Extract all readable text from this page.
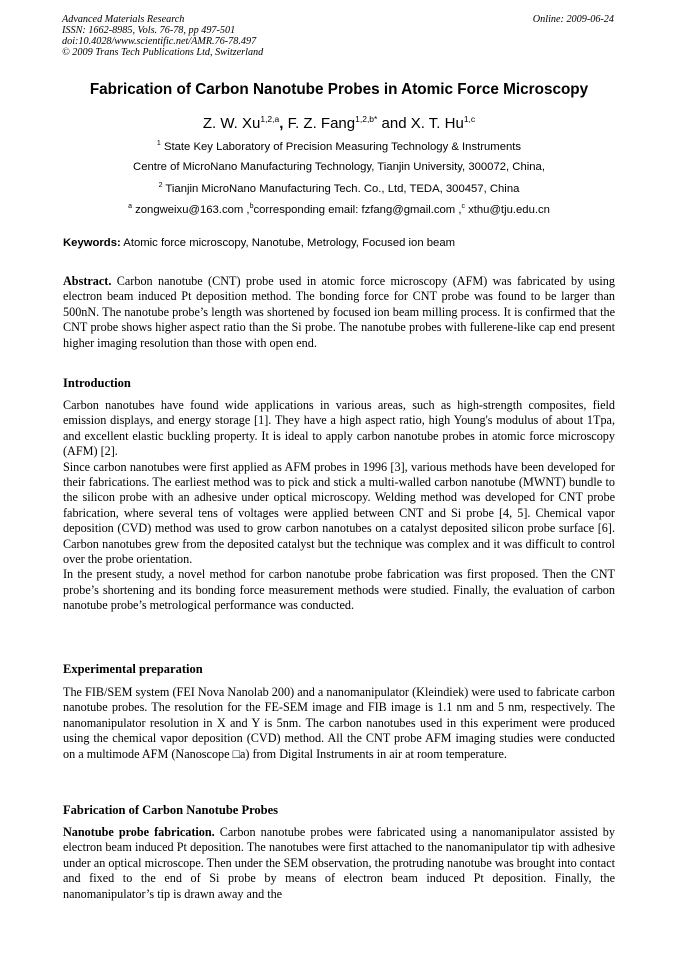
Advanced Materials Research
ISSN: 1662-8985, Vols. 76-78, pp 497-501
doi:10.4028/www.scientific.net/AMR.76-78.497
© 2009 Trans Tech Publications Ltd, Switzerland
Online: 2009-06-24
Fabrication of Carbon Nanotube Probes in Atomic Force Microscopy
Z. W. Xu$^{1,2,a}$, F. Z. Fang$^{1,2,b*}$ and X. T. Hu$^{1,c}$
$^1$ State Key Laboratory of Precision Measuring Technology & Instruments
Centre of MicroNano Manufacturing Technology, Tianjin University, 300072, China,
$^2$ Tianjin MicroNano Manufacturing Tech. Co., Ltd, TEDA, 300457, China
$^a$ zongweixu@163.com ,$^b$corresponding email: fzfang@gmail.com ,$^c$ xthu@tju.edu.cn
Keywords: Atomic force microscopy, Nanotube, Metrology, Focused ion beam
Abstract. Carbon nanotube (CNT) probe used in atomic force microscopy (AFM) was fabricated by using electron beam induced Pt deposition method. The bonding force for CNT probe was found to be larger than 500nN. The nanotube probe’s length was shortened by focused ion beam milling process. It is confirmed that the CNT probe shows higher aspect ratio than the Si probe. The nanotube probes with fullerene-like cap end present higher imaging resolution than those with open end.
Introduction

Carbon nanotubes have found wide applications in various areas, such as high-strength composites, field emission displays, and energy storage [1]. They have a high aspect ratio, high Young's modulus of about 1Tpa, and excellent elastic buckling property. It is ideal to apply carbon nanotube probes in atomic force microscopy (AFM) [2].

Since carbon nanotubes were first applied as AFM probes in 1996 [3], various methods have been developed for their fabrications. The earliest method was to pick and stick a multi-walled carbon nanotube (MWNT) bundle to the silicon probe with an adhesive under optical microscopy. Welding method was developed for CNT probe fabrication, where several tens of voltages were applied between CNT and Si probe [4, 5]. Chemical vapor deposition (CVD) method was used to grow carbon nanotubes on a catalyst deposited silicon probe surface [6]. Carbon nanotubes grew from the deposited catalyst but the technique was complex and it was difficult to control over the probe orientation.

In the present study, a novel method for carbon nanotube probe fabrication was first proposed. Then the CNT probe’s shortening and its bonding force measurement methods were studied. Finally, the evaluation of carbon nanotube probe’s metrological performance was conducted.

Experimental preparation

The FIB/SEM system (FEI Nova Nanolab 200) and a nanomanipulator (Kleindiek) were used to fabricate carbon nanotube probes. The resolution for the FE-SEM image and FIB image is 1.1 nm and 5 nm, respectively. The nanomanipulator resolution in X and Y is 5nm. The carbon nanotubes used in this experiment were produced using the chemical vapor deposition (CVD) method. All the CNT probe AFM imaging studies were conducted on a multimode AFM (Nanoscope □a) from Digital Instruments in air at room temperature.

Fabrication of Carbon Nanotube Probes

Nanotube probe fabrication. Carbon nanotube probes were fabricated using a nanomanipulator assisted by electron beam induced Pt deposition. The nanotubes were first attached to the nanomanipulator tip with adhesive under an optical microscope. Then under the SEM observation, the protruding nanotube was brought into contact and fixed to the end of Si probe by means of electron beam induced Pt deposition. Finally, the nanomanipulator’s tip is drawn away and the
